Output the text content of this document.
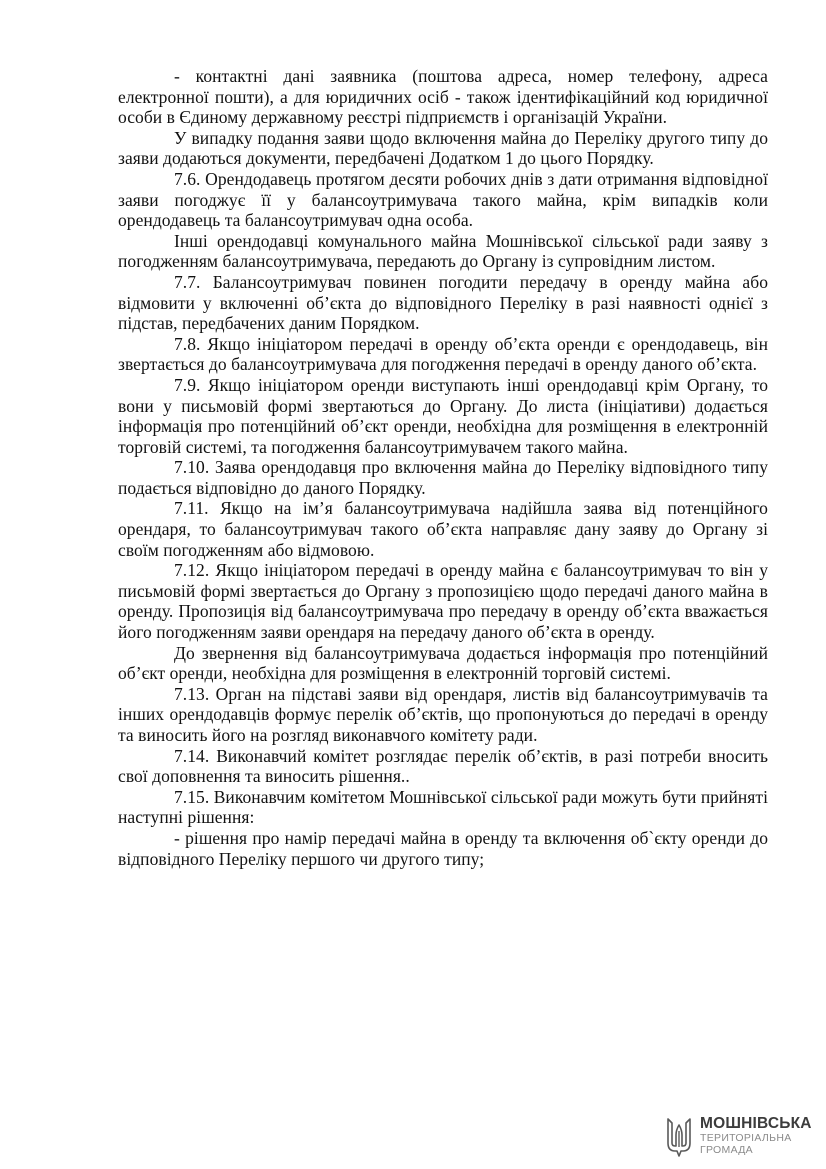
- контактні дані заявника (поштова адреса, номер телефону, адреса електронної пошти), а для юридичних осіб - також ідентифікаційний код юридичної особи в Єдиному державному реєстрі підприємств і організацій України.

У випадку подання заяви щодо включення майна до Переліку другого типу до заяви додаються документи, передбачені Додатком 1 до цього Порядку.

7.6. Орендодавець протягом десяти робочих днів з дати отримання відповідної заяви погоджує її у балансоутримувача такого майна, крім випадків коли орендодавець та балансоутримувач одна особа.

Інші орендодавці комунального майна Мошнівської сільської ради заяву з погодженням балансоутримувача, передають до Органу із супровідним листом.

7.7. Балансоутримувач повинен погодити передачу в оренду майна або відмовити у включенні об’єкта до відповідного Переліку в разі наявності однієї з підстав, передбачених даним Порядком.

7.8. Якщо ініціатором передачі в оренду об’єкта оренди є орендодавець, він звертається до балансоутримувача для погодження передачі в оренду даного об’єкта.

7.9. Якщо ініціатором оренди виступають інші орендодавці крім Органу, то вони у письмовій формі звертаються до Органу. До листа (ініціативи) додається інформація про потенційний об’єкт оренди, необхідна для розміщення в електронній торговій системі, та погодження балансоутримувачем такого майна.

7.10. Заява орендодавця про включення майна до Переліку відповідного типу подається відповідно до даного Порядку.

7.11. Якщо на ім’я балансоутримувача надійшла заява від потенційного орендаря, то балансоутримувач такого об’єкта направляє дану заяву до Органу зі своїм погодженням або відмовою.

7.12. Якщо ініціатором передачі в оренду майна є балансоутримувач то він у письмовій формі звертається до Органу з пропозицією щодо передачі даного майна в оренду. Пропозиція від балансоутримувача про передачу в оренду об’єкта вважається його погодженням заяви орендаря на передачу даного об’єкта в оренду.

До звернення від балансоутримувача додається інформація про потенційний об’єкт оренди, необхідна для розміщення в електронній торговій системі.

7.13. Орган на підставі заяви від орендаря, листів від балансоутримувачів та інших орендодавців формує перелік об’єктів, що пропонуються до передачі в оренду та виносить його на розгляд виконавчого комітету ради.

7.14. Виконавчий комітет розглядає перелік об’єктів, в разі потреби вносить свої доповнення та виносить рішення..

7.15. Виконавчим комітетом Мошнівської сільської ради можуть бути прийняті наступні рішення:

- рішення про намір передачі майна в оренду та включення об`єкту оренди до відповідного Переліку першого чи другого типу;

МОШНІВСЬКА
ТЕРИТОРІАЛЬНА
ГРОМАДА
